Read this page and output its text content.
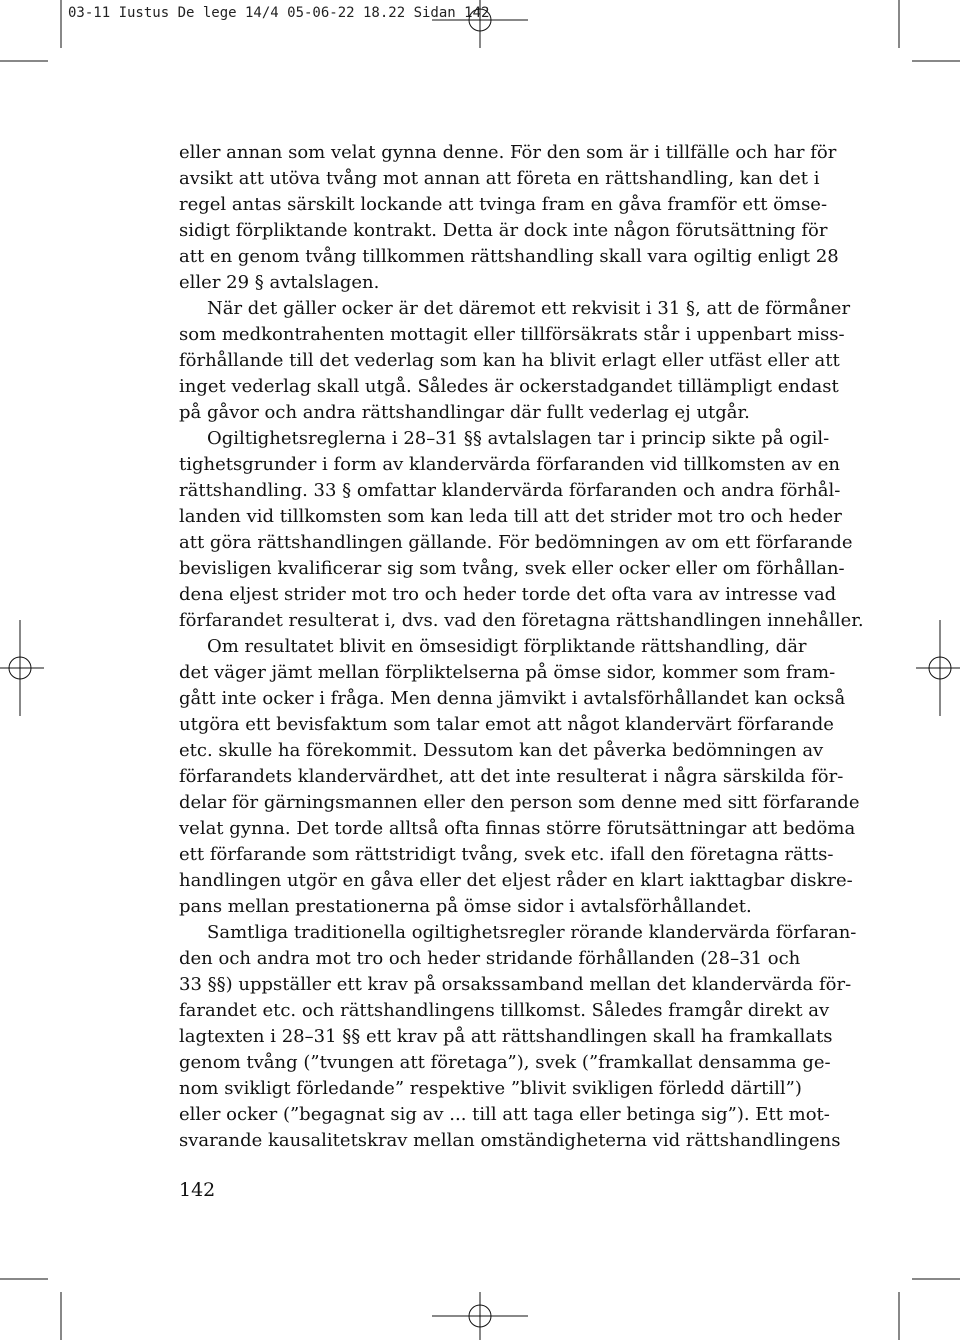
03-11 Iustus De lege 14/4 05-06-22 18.22 Sidan 142
eller annan som velat gynna denne. För den som är i tillfälle och har för
avsikt att utöva tvång mot annan att företa en rättshandling, kan det i
regel antas särskilt lockande att tvinga fram en gåva framför ett ömse-
sidigt förpliktande kontrakt. Detta är dock inte någon förutsättning för
att en genom tvång tillkommen rättshandling skall vara ogiltig enligt 28
eller 29 § avtalslagen.
När det gäller ocker är det däremot ett rekvisit i 31 §, att de förmåner
som medkontrahenten mottagit eller tillförsäkrats står i uppenbart miss-
förhållande till det vederlag som kan ha blivit erlagt eller utfäst eller att
inget vederlag skall utgå. Således är ockerstadgandet tillämpligt endast
på gåvor och andra rättshandlingar där fullt vederlag ej utgår.
Ogiltighetsreglerna i 28–31 §§ avtalslagen tar i princip sikte på ogil-
tighetsgrunder i form av klandervärda förfaranden vid tillkomsten av en
rättshandling. 33 § omfattar klandervärda förfaranden och andra förhål-
landen vid tillkomsten som kan leda till att det strider mot tro och heder
att göra rättshandlingen gällande. För bedömningen av om ett förfarande
bevisligen kvalificerar sig som tvång, svek eller ocker eller om förhållan-
dena eljest strider mot tro och heder torde det ofta vara av intresse vad
förfarandet resulterat i, dvs. vad den företagna rättshandlingen innehåller.
Om resultatet blivit en ömsesidigt förpliktande rättshandling, där
det väger jämt mellan förpliktelserna på ömse sidor, kommer som fram-
gått inte ocker i fråga. Men denna jämvikt i avtalsförhållandet kan också
utgöra ett bevisfaktum som talar emot att något klandervärt förfarande
etc. skulle ha förekommit. Dessutom kan det påverka bedömningen av
förfarandets klandervärdhet, att det inte resulterat i några särskilda för-
delar för gärningsmannen eller den person som denne med sitt förfarande
velat gynna. Det torde alltså ofta finnas större förutsättningar att bedöma
ett förfarande som rättstridigt tvång, svek etc. ifall den företagna rätts-
handlingen utgör en gåva eller det eljest råder en klart iakttagbar diskre-
pans mellan prestationerna på ömse sidor i avtalsförhållandet.
Samtliga traditionella ogiltighetsregler rörande klandervärda förfaran-
den och andra mot tro och heder stridande förhållanden (28–31 och
33 §§) uppställer ett krav på orsakssamband mellan det klandervärda för-
farandet etc. och rättshandlingens tillkomst. Således framgår direkt av
lagtexten i 28–31 §§ ett krav på att rättshandlingen skall ha framkallats
genom tvång (”tvungen att företaga”), svek (”framkallat densamma ge-
nom svikligt förledande” respektive ”blivit svikligen förledd därtill”)
eller ocker (”begagnat sig av ... till att taga eller betinga sig”). Ett mot-
svarande kausalitetskrav mellan omständigheterna vid rättshandlingens
142
